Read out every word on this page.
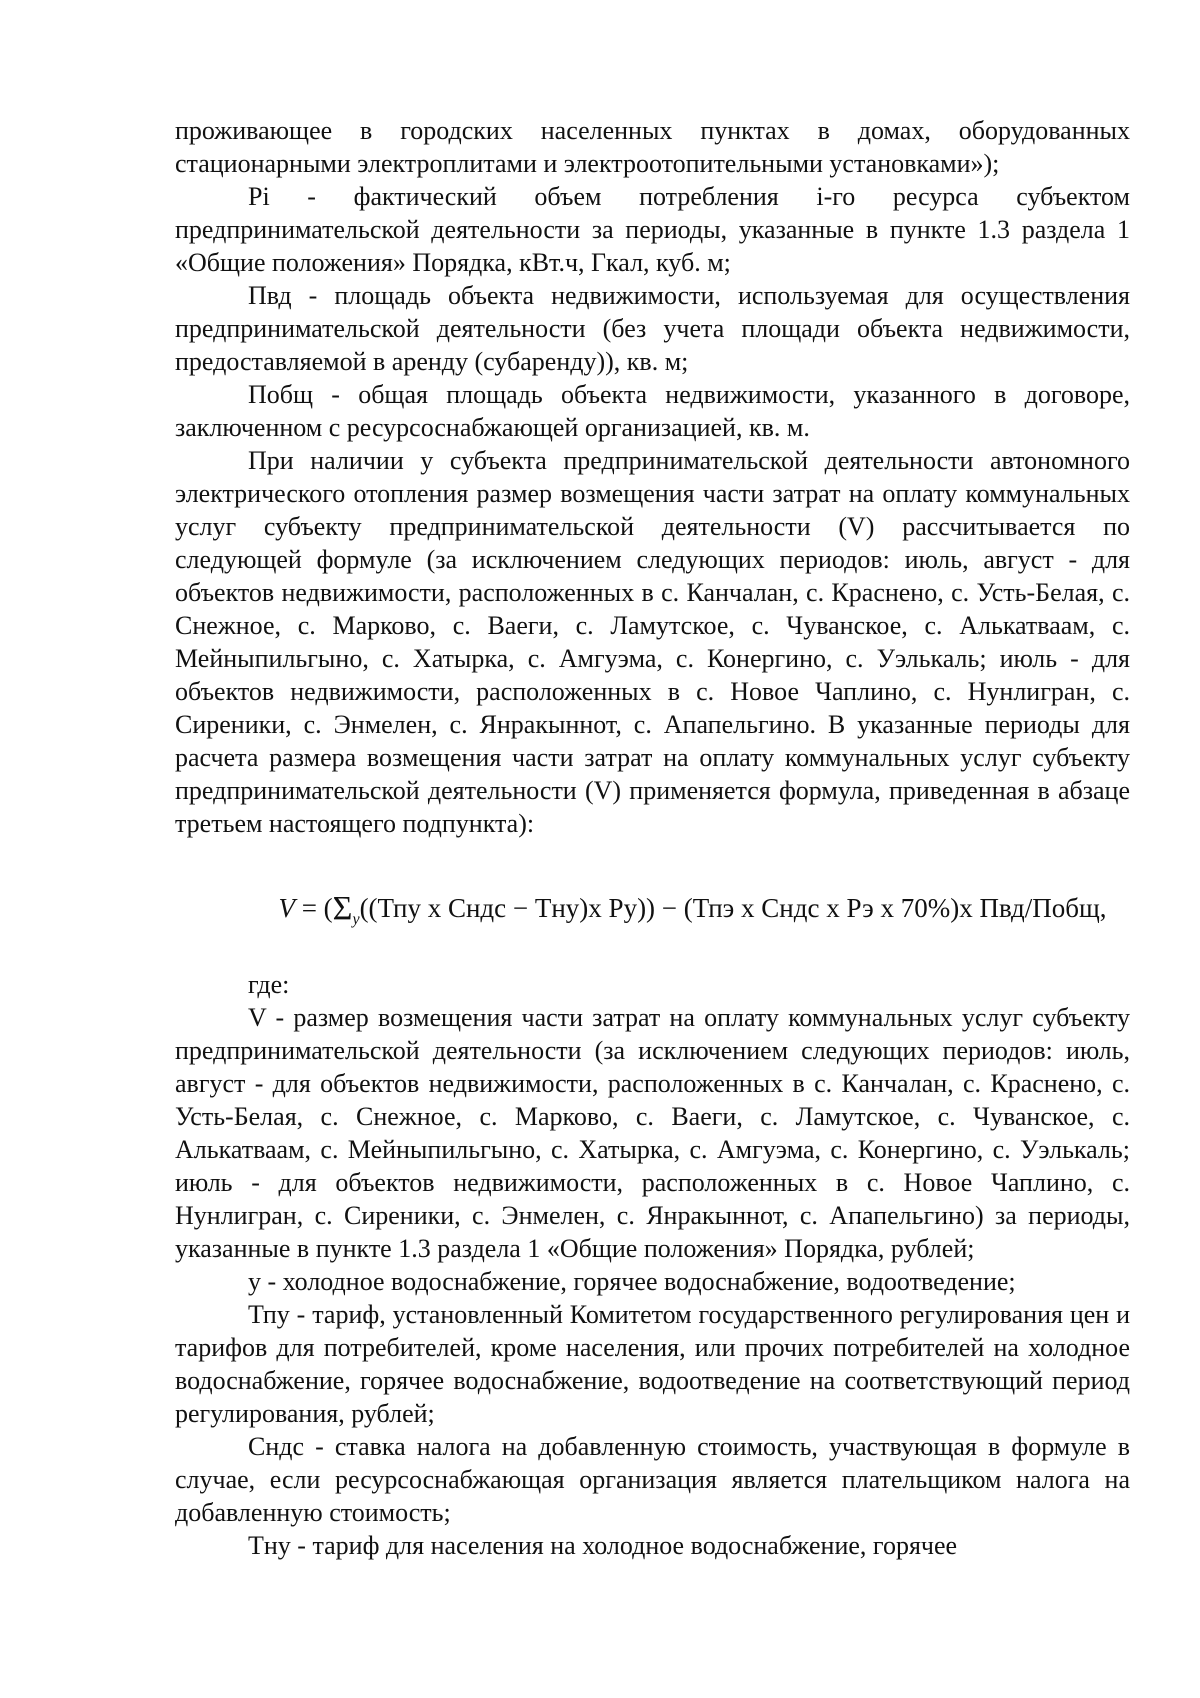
проживающее в городских населенных пунктах в домах, оборудованных стационарными электроплитами и электроотопительными установками»);

Pi - фактический объем потребления i-го ресурса субъектом предпринимательской деятельности за периоды, указанные в пункте 1.3 раздела 1 «Общие положения» Порядка, кВт.ч, Гкал, куб. м;

Пвд - площадь объекта недвижимости, используемая для осуществления предпринимательской деятельности (без учета площади объекта недвижимости, предоставляемой в аренду (субаренду)), кв. м;

Побщ - общая площадь объекта недвижимости, указанного в договоре, заключенном с ресурсоснабжающей организацией, кв. м.

При наличии у субъекта предпринимательской деятельности автономного электрического отопления размер возмещения части затрат на оплату коммунальных услуг субъекту предпринимательской деятельности (V) рассчитывается по следующей формуле (за исключением следующих периодов: июль, август - для объектов недвижимости, расположенных в с. Канчалан, с. Краснено, с. Усть-Белая, с. Снежное, с. Марково, с. Ваеги, с. Ламутское, с. Чуванское, с. Алькатваам, с. Мейныпильгыно, с. Хатырка, с. Амгуэма, с. Конергино, с. Уэлькаль; июль - для объектов недвижимости, расположенных в с. Новое Чаплино, с. Нунлигран, с. Сиреники, с. Энмелен, с. Янракыннот, с. Апапельгино. В указанные периоды для расчета размера возмещения части затрат на оплату коммунальных услуг субъекту предпринимательской деятельности (V) применяется формула, приведенная в абзаце третьем настоящего подпункта):

$V = (\Sigma_y((Тпу$ х Сндс − Тну)х Ру)) − (Тпэ х Сндс х Рэ х 70%)х Пвд/Побщ,

где:

V - размер возмещения части затрат на оплату коммунальных услуг субъекту предпринимательской деятельности (за исключением следующих периодов: июль, август - для объектов недвижимости, расположенных в с. Канчалан, с. Краснено, с. Усть-Белая, с. Снежное, с. Марково, с. Ваеги, с. Ламутское, с. Чуванское, с. Алькатваам, с. Мейныпильгыно, с. Хатырка, с. Амгуэма, с. Конергино, с. Уэлькаль; июль - для объектов недвижимости, расположенных в с. Новое Чаплино, с. Нунлигран, с. Сиреники, с. Энмелен, с. Янракыннот, с. Апапельгино) за периоды, указанные в пункте 1.3 раздела 1 «Общие положения» Порядка, рублей;

y - холодное водоснабжение, горячее водоснабжение, водоотведение;

Тпу - тариф, установленный Комитетом государственного регулирования цен и тарифов для потребителей, кроме населения, или прочих потребителей на холодное водоснабжение, горячее водоснабжение, водоотведение на соответствующий период регулирования, рублей;

Сндс - ставка налога на добавленную стоимость, участвующая в формуле в случае, если ресурсоснабжающая организация является плательщиком налога на добавленную стоимость;

Тну - тариф для населения на холодное водоснабжение, горячее
